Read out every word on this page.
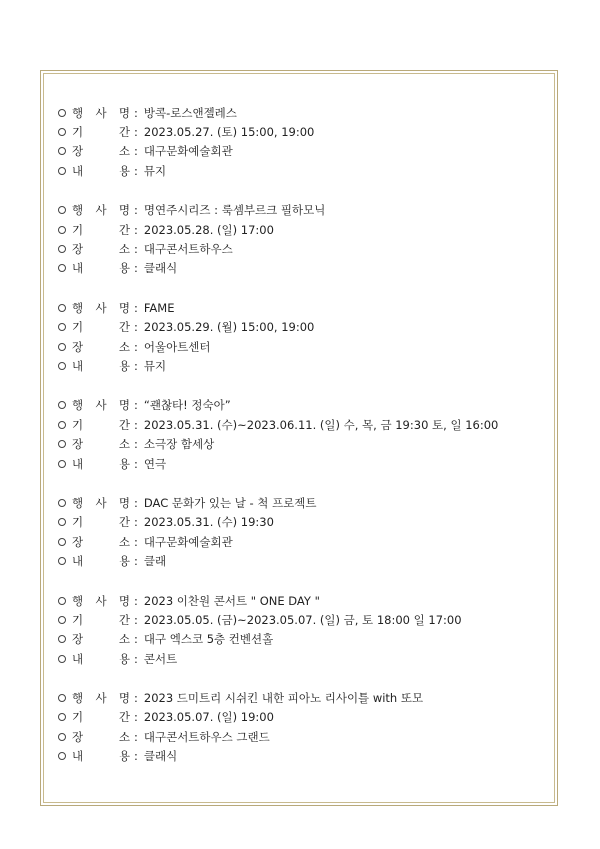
행 사 명 : 방콕-로스앤젤레스
기	간 : 2023.05.27. (토) 15:00, 19:00
장	소 : 대구문화예술회관
내	용 : 뮤지
행 사 명 : 명연주시리즈 : 룩셈부르크 필하모닉
기	간 : 2023.05.28. (일) 17:00
장	소 : 대구콘서트하우스
내	용 : 클래식
행 사 명 : FAME
기	간 : 2023.05.29. (월) 15:00, 19:00
장	소 : 어울아트센터
내	용 : 뮤지
행 사 명 : “괜찮타! 정숙아”
기	간 : 2023.05.31. (수)~2023.06.11. (일) 수, 목, 금 19:30 토, 일 16:00
장	소 : 소극장 함세상
내	용 : 연극
행 사 명 : DAC 문화가 있는 날 - 척 프로젝트
기	간 : 2023.05.31. (수) 19:30
장	소 : 대구문화예술회관
내	용 : 클래
행 사 명 : 2023 이찬원 콘서트 " ONE DAY "
기	간 : 2023.05.05. (금)~2023.05.07. (일) 금, 토 18:00 일 17:00
장	소 : 대구 엑스코 5층 컨벤션홀
내	용 : 콘서트
행 사 명 : 2023 드미트리 시쉬킨 내한 피아노 리사이틀 with 또모
기	간 : 2023.05.07. (일) 19:00
장	소 : 대구콘서트하우스 그랜드
내	용 : 클래식
